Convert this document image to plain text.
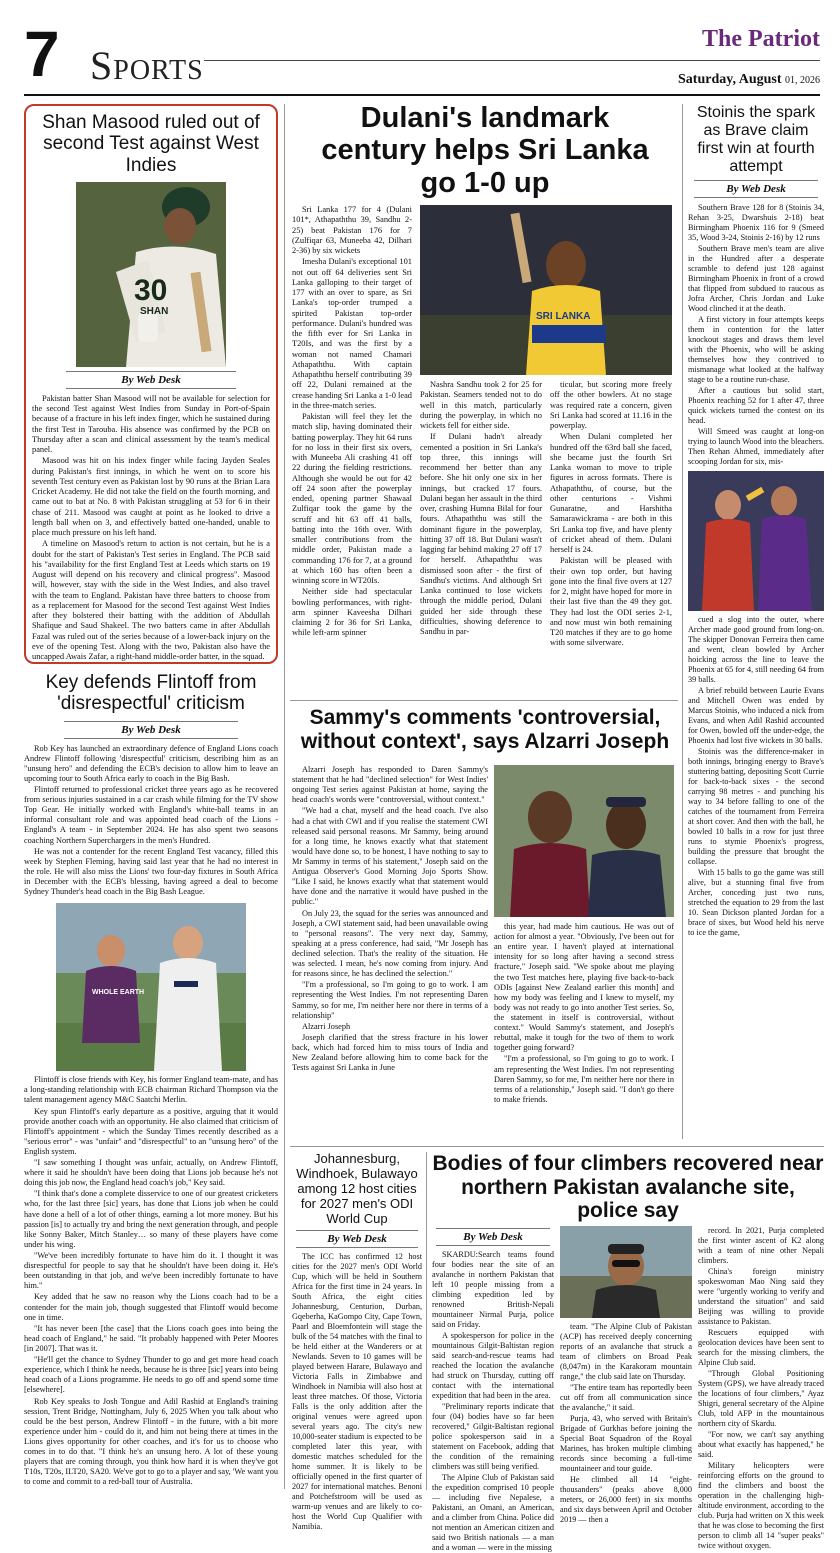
7 Sports
The Patriot
Saturday, August 01, 2026
Shan Masood ruled out of second Test against West Indies
30
SHAN
By Web Desk

Pakistan batter Shan Masood will not be available for selection for the second Test against West Indies from Sunday in Port-of-Spain because of a fracture in his left index finger, which he sustained during the first Test in Tarouba. His absence was confirmed by the PCB on Thursday after a scan and clinical assessment by the team's medical panel.

Masood was hit on his index finger while facing Jayden Seales during Pakistan's first innings, in which he went on to score his seventh Test century even as Pakistan lost by 90 runs at the Brian Lara Cricket Academy. He did not take the field on the fourth morning, and came out to bat at No. 8 with Pakistan struggling at 53 for 6 in their chase of 211. Masood was caught at point as he looked to drive a length ball when on 3, and effectively batted one-handed, unable to place much pressure on his left hand.

A timeline on Masood's return to action is not certain, but he is a doubt for the start of Pakistan's Test series in England. The PCB said his "availability for the first England Test at Leeds which starts on 19 August will depend on his recovery and clinical progress". Masood will, however, stay with the side in the West Indies, and also travel with the team to England. Pakistan have three batters to choose from as a replacement for Masood for the second Test against West Indies after they bolstered their batting with the addition of Abdullah Shafique and Saud Shakeel. The two batters came in after Abdullah Fazal was ruled out of the series because of a lower-back injury on the eve of the opening Test. Along with the two, Pakistan also have the uncapped Awais Zafar, a right-hand middle-order batter, in the squad.

Key defends Flintoff from 'disrespectful' criticism
By Web Desk

Rob Key has launched an extraordinary defence of England Lions coach Andrew Flintoff following 'disrespectful' criticism, describing him as an "unsung hero" and defending the ECB's decision to allow him to leave an upcoming tour to South Africa early to coach in the Big Bash.

Flintoff returned to professional cricket three years ago as he recovered from serious injuries sustained in a car crash while filming for the TV show Top Gear. He initially worked with England's white-ball teams in an informal consultant role and was appointed head coach of the Lions - England's A team - in September 2024. He has also spent two seasons coaching Northern Superchargers in the men's Hundred.

He was not a contender for the recent England Test vacancy, filled this week by Stephen Fleming, having said last year that he had no interest in the role. He will also miss the Lions' two four-day fixtures in South Africa in December with the ECB's blessing, having agreed a deal to become Sydney Thunder's head coach in the Big Bash League.

WHOLE EARTH

Flintoff is close friends with Key, his former England team-mate, and has a long-standing relationship with ECB chairman Richard Thompson via the talent management agency M&C Saatchi Merlin.

Key spun Flintoff's early departure as a positive, arguing that it would provide another coach with an opportunity. He also claimed that criticism of Flintoff's appointment - which the Sunday Times recently described as a "serious error" - was "unfair" and "disrespectful" to an "unsung hero" of the English system.

"I saw something I thought was unfair, actually, on Andrew Flintoff, where it said he shouldn't have been doing that Lions job because he's not doing this job now, the England head coach's job," Key said.

"I think that's done a complete disservice to one of our greatest cricketers who, for the last three [sic] years, has done that Lions job when he could have done a hell of a lot of other things, earning a lot more money. But his passion [is] to actually try and bring the next generation through, and people like Sonny Baker, Mitch Stanley… so many of these players have come under his wing.

"We've been incredibly fortunate to have him do it. I thought it was disrespectful for people to say that he shouldn't have been doing it. He's been outstanding in that job, and we've been incredibly fortunate to have him."

Key added that he saw no reason why the Lions coach had to be a contender for the main job, though suggested that Flintoff would become one in time.

"It has never been [the case] that the Lions coach goes into being the head coach of England," he said. "It probably happened with Peter Moores [in 2007]. That was it.

"He'll get the chance to Sydney Thunder to go and get more head coach experience, which I think he needs, because he is three [sic] years into being head coach of a Lions programme. He needs to go off and spend some time [elsewhere].

Rob Key speaks to Josh Tongue and Adil Rashid at England's training session, Trent Bridge, Nottingham, July 6, 2025 When you talk about who could be the best person, Andrew Flintoff - in the future, with a bit more experience under him - could do it, and him not being there at times in the Lions gives opportunity for other coaches, and it's for us to choose who comes in to do that. "I think he's an unsung hero. A lot of these young players that are coming through, you think how hard it is when they've got T10s, T20s, ILT20, SA20. We've got to go to a player and say, 'We want you to come and commit to a red-ball tour of Australia.

Dulani's landmark century helps Sri Lanka go 1-0 up

Sri Lanka 177 for 4 (Dulani 101*, Athapaththu 39, Sandhu 2-25) beat Pakistan 176 for 7 (Zulfiqar 63, Muneeba 42, Dilhari 2-36) by six wickets

Imesha Dulani's exceptional 101 not out off 64 deliveries sent Sri Lanka galloping to their target of 177 with an over to spare, as Sri Lanka's top-order trumped a spirited Pakistan top-order performance. Dulani's hundred was the fifth ever for Sri Lanka in T20Is, and was the first by a woman not named Chamari Athapaththu. With captain Athapaththu herself contributing 39 off 22, Dulani remained at the crease handing Sri Lanka a 1-0 lead in the three-match series.

Pakistan will feel they let the match slip, having dominated their batting powerplay. They hit 64 runs for no loss in their first six overs, with Muneeba Ali crashing 41 off 22 during the fielding restrictions. Although she would be out for 42 off 24 soon after the powerplay ended, opening partner Shawaal Zulfiqar took the game by the scruff and hit 63 off 41 balls, batting into the 16th over. With smaller contributions from the middle order, Pakistan made a commanding 176 for 7, at a ground at which 160 has often been a winning score in WT20Is.

Neither side had spectacular bowling performances, with right-arm spinner Kaveesha Dilhari claiming 2 for 36 for Sri Lanka, while left-arm spinner

SRI LANKA

Nashra Sandhu took 2 for 25 for Pakistan. Seamers tended not to do well in this match, particularly during the powerplay, in which no wickets fell for either side.

If Dulani hadn't already cemented a position in Sri Lanka's top three, this innings will recommend her better than any before. She hit only one six in her innings, but cracked 17 fours. Dulani began her assault in the third over, crashing Humna Bilal for four fours. Athapaththu was still the dominant figure in the powerplay, hitting 37 off 18. But Dulani wasn't lagging far behind making 27 off 17 for herself. Athapaththu was dismissed soon after - the first of Sandhu's victims. And although Sri Lanka continued to lose wickets through the middle period, Dulani guided her side through these difficulties, showing deference to Sandhu in par-

ticular, but scoring more freely off the other bowlers. At no stage was required rate a concern, given Sri Lanka had scored at 11.16 in the powerplay.

When Dulani completed her hundred off the 63rd ball she faced, she became just the fourth Sri Lanka woman to move to triple figures in across formats. There is Athapaththu, of course, but the other centurions - Vishmi Gunaratne, and Harshitha Samarawickrama - are both in this Sri Lanka top five, and have plenty of cricket ahead of them. Dulani herself is 24.

Pakistan will be pleased with their own top order, but having gone into the final five overs at 127 for 2, might have hoped for more in their last five than the 49 they got. They had lost the ODI series 2-1, and now must win both remaining T20 matches if they are to go home with some silverware.

Stoinis the spark as Brave claim first win at fourth attempt
By Web Desk

Southern Brave 128 for 8 (Stoinis 34, Rehan 3-25, Dwarshuis 2-18) beat Birmingham Phoenix 116 for 9 (Smeed 35, Wood 3-24, Stoinis 2-16) by 12 runs

Southern Brave men's team are alive in the Hundred after a desperate scramble to defend just 128 against Birmingham Phoenix in front of a crowd that flipped from subdued to raucous as Jofra Archer, Chris Jordan and Luke Wood clinched it at the death.

A first victory in four attempts keeps them in contention for the latter knockout stages and draws them level with the Phoenix, who will be asking themselves how they contrived to mismanage what looked at the halfway stage to be a routine run-chase.

After a cautious but solid start, Phoenix reaching 52 for 1 after 47, three quick wickets turned the contest on its head.

Will Smeed was caught at long-on trying to launch Wood into the bleachers. Then Rehan Ahmed, immediately after scooping Jordan for six, mis-

cued a slog into the outer, where Archer made good ground from long-on. The skipper Donovan Ferreira then came and went, clean bowled by Archer hoicking across the line to leave the Phoenix at 65 for 4, still needing 64 from 39 balls.

A brief rebuild between Laurie Evans and Mitchell Owen was ended by Marcus Stoinis, who induced a nick from Evans, and when Adil Rashid accounted for Owen, bowled off the under-edge, the Phoenix had lost five wickets in 30 balls.

Stoinis was the difference-maker in both innings, bringing energy to Brave's stuttering batting, depositing Scott Currie for back-to-back sixes - the second carrying 98 metres - and punching his way to 34 before falling to one of the catches of the tournament from Ferreira at short cover. And then with the ball, he bowled 10 balls in a row for just three runs to stymie Phoenix's progress, building the pressure that brought the collapse.

With 15 balls to go the game was still alive, but a stunning final five from Archer, conceding just two runs, stretched the equation to 29 from the last 10. Sean Dickson planted Jordan for a brace of sixes, but Wood held his nerve to ice the game,

Sammy's comments 'controversial, without context', says Alzarri Joseph

Alzarri Joseph has responded to Daren Sammy's statement that he had "declined selection" for West Indies' ongoing Test series against Pakistan at home, saying the head coach's words were "controversial, without context."

"We had a chat, myself and the head coach. I've also had a chat with CWI and if you realise the statement CWI released said personal reasons. Mr Sammy, being around for a long time, he knows exactly what that statement would have done so, to be honest, I have nothing to say to Mr Sammy in terms of his statement," Joseph said on the Antigua Observer's Good Morning Jojo Sports Show. "Like I said, he knows exactly what that statement would have done and the narrative it would have pushed in the public."

On July 23, the squad for the series was announced and Joseph, a CWI statement said, had been unavailable owing to "personal reasons". The very next day, Sammy, speaking at a press conference, had said, "Mr Joseph has declined selection. That's the reality of the situation. He was selected. I mean, he's now coming from injury. And for reasons since, he has declined the selection."

"I'm a professional, so I'm going to go to work. I am representing the West Indies. I'm not representing Daren Sammy, so for me, I'm neither here nor there in terms of a relationship"

Alzarri Joseph

Joseph clarified that the stress fracture in his lower back, which had forced him to miss tours of India and New Zealand before allowing him to come back for the Tests against Sri Lanka in June

this year, had made him cautious. He was out of action for almost a year. "Obviously, I've been out for an entire year. I haven't played at international intensity for so long after having a second stress fracture," Joseph said. "We spoke about me playing the two Test matches here, playing five back-to-back ODIs [against New Zealand earlier this month] and how my body was feeling and I knew to myself, my body was not ready to go into another Test series. So, the statement in itself is controversial, without context." Would Sammy's statement, and Joseph's rebuttal, make it tough for the two of them to work together going forward?

"I'm a professional, so I'm going to go to work. I am representing the West Indies. I'm not representing Daren Sammy, so for me, I'm neither here nor there in terms of a relationship," Joseph said. "I don't go there to make friends.

Johannesburg, Windhoek, Bulawayo among 12 host cities for 2027 men's ODI World Cup
By Web Desk

The ICC has confirmed 12 host cities for the 2027 men's ODI World Cup, which will be held in Southern Africa for the first time in 24 years. In South Africa, the eight cities Johannesburg, Centurion, Durban, Gqeberha, KaGompo City, Cape Town, Paarl and Bloemfontein will stage the bulk of the 54 matches with the final to be held either at the Wanderers or at Newlands. Seven to 10 games will be played between Harare, Bulawayo and Victoria Falls in Zimbabwe and Windhoek in Namibia will also host at least three matches. Of those, Victoria Falls is the only addition after the original venues were agreed upon several years ago. The city's new 10,000-seater stadium is expected to be completed later this year, with domestic matches scheduled for the home summer. It is likely to be officially opened in the first quarter of 2027 for international matches. Benoni and Potchefstroom will be used as warm-up venues and are likely to co-host the World Cup Qualifier with Namibia.

Bodies of four climbers recovered near northern Pakistan avalanche site, police say
By Web Desk

SKARDU:Search teams found four bodies near the site of an avalanche in northern Pakistan that left 10 people missing from a climbing expedition led by renowned British-Nepali mountaineer Nirmal Purja, police said on Friday.

A spokesperson for police in the mountainous Gilgit-Baltistan region said search-and-rescue teams had reached the location the avalanche had struck on Thursday, cutting off contact with the international expedition that had been in the area.

"Preliminary reports indicate that four (04) bodies have so far been recovered," Gilgit-Baltistan regional police spokesperson said in a statement on Facebook, adding that the condition of the remaining climbers was still being verified.

The Alpine Club of Pakistan said the expedition comprised 10 people — including five Nepalese, a Pakistani, an Omani, an American, and a climber from China. Police did not mention an American citizen and said two British nationals — a man and a woman — were in the missing

team. "The Alpine Club of Pakistan (ACP) has received deeply concerning reports of an avalanche that struck a team of climbers on Broad Peak (8,047m) in the Karakoram mountain range," the club said late on Thursday.

"The entire team has reportedly been cut off from all communication since the avalanche," it said.

Purja, 43, who served with Britain's Brigade of Gurkhas before joining the Special Boat Squadron of the Royal Marines, has broken multiple climbing records since becoming a full-time mountaineer and tour guide.

He climbed all 14 "eight-thousanders" (peaks above 8,000 meters, or 26,000 feet) in six months and six days between April and October 2019 — then a

record. In 2021, Purja completed the first winter ascent of K2 along with a team of nine other Nepali climbers.

China's foreign ministry spokeswoman Mao Ning said they were "urgently working to verify and understand the situation" and said Beijing was willing to provide assistance to Pakistan.

Rescuers equipped with geolocation devices have been sent to search for the missing climbers, the Alpine Club said.

"Through Global Positioning System (GPS), we have already traced the locations of four climbers," Ayaz Shigri, general secretary of the Alpine Club, told AFP in the mountainous northern city of Skardu.

"For now, we can't say anything about what exactly has happened," he said.

Military helicopters were reinforcing efforts on the ground to find the climbers and boost the operation in the challenging high-altitude environment, according to the club. Purja had written on X this week that he was close to becoming the first person to climb all 14 "super peaks" twice without oxygen.
